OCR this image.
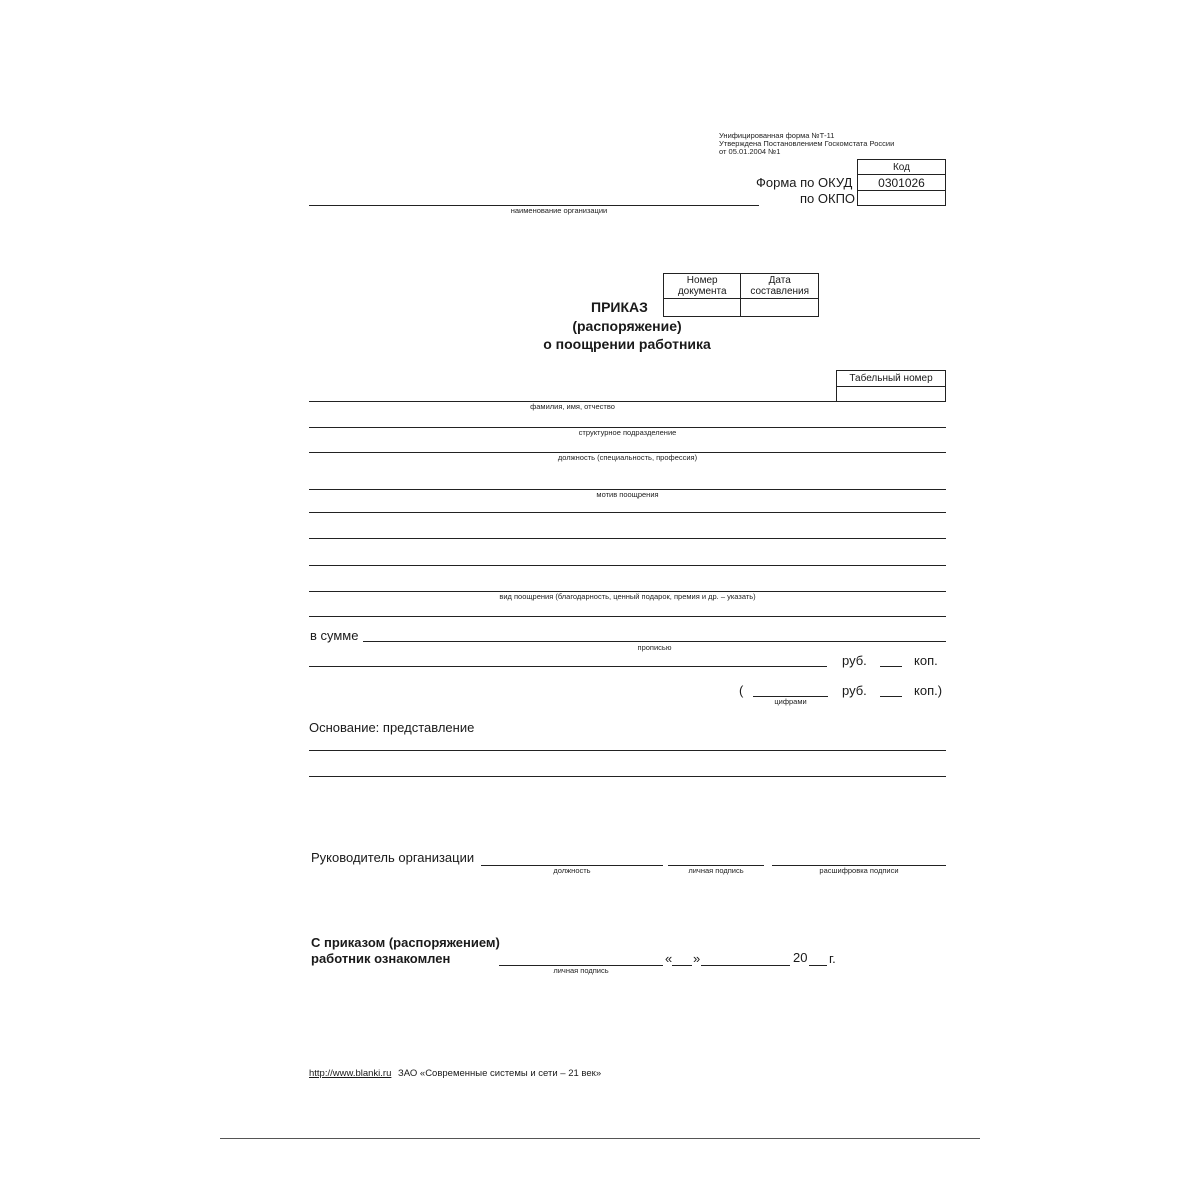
Унифицированная форма №Т-11
Утверждена Постановлением Госкомстата России
от 05.01.2004 №1
Код
0301026

Форма по ОКУД
по ОКПО
наименование организации
Номер документа	Дата составления

ПРИКАЗ
(распоряжение)
о поощрении работника
Табельный номер

фамилия, имя, отчество
структурное подразделение
должность (специальность, профессия)
мотив поощрения
вид поощрения (благодарность, ценный подарок, премия и др. – указать)
в сумме
прописью
руб.	коп.
(
цифрами
руб.	коп.)
Основание: представление
Руководитель организации
должность	личная подпись	расшифровка подписи
С приказом (распоряжением)
работник ознакомлен
личная подпись
« »	20 г.
http://www.blanki.ru ЗАО «Современные системы и сети – 21 век»
